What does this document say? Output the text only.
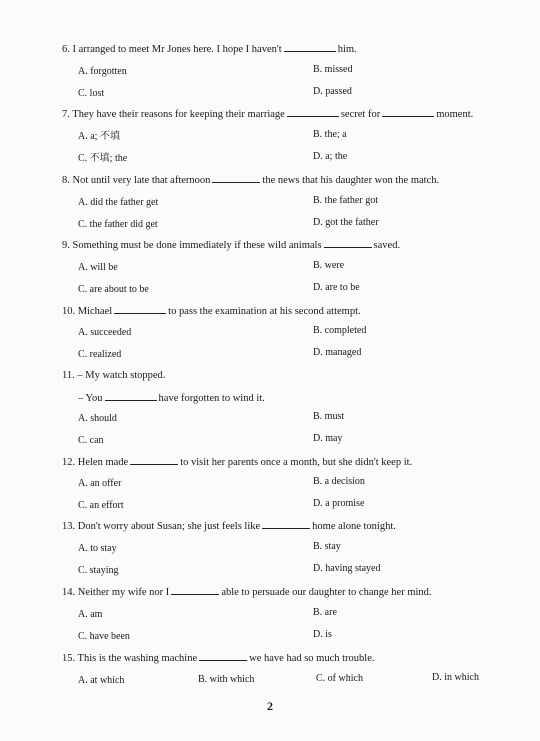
6. I arranged to meet Mr Jones here. I hope I haven't	him.
A. forgotten	B. missed
C. lost	D. passed
7. They have their reasons for keeping their marriage	secret for	moment.
A. a; 不填	B. the; a
C. 不填; the	D. a; the
8. Not until very late that afternoon	the news that his daughter won the match.
A. did the father get	B. the father got
C. the father did get	D. got the father
9. Something must be done immediately if these wild animals	saved.
A. will be	B. were
C. are about to be	D. are to be
10. Michael	to pass the examination at his second attempt.
A. succeeded	B. completed
C. realized	D. managed
11. – My watch stopped.
– You	have forgotten to wind it.
A. should	B. must
C. can	D. may
12. Helen made	to visit her parents once a month, but she didn't keep it.
A. an offer	B. a decision
C. an effort	D. a promise
13. Don't worry about Susan; she just feels like	home alone tonight.
A. to stay	B. stay
C. staying	D. having stayed
14. Neither my wife nor I	able to persuade our daughter to change her mind.
A. am	B. are
C. have been	D. is
15. This is the washing machine	we have had so much trouble.
A. at which	B. with which	C. of which	D. in which
2
